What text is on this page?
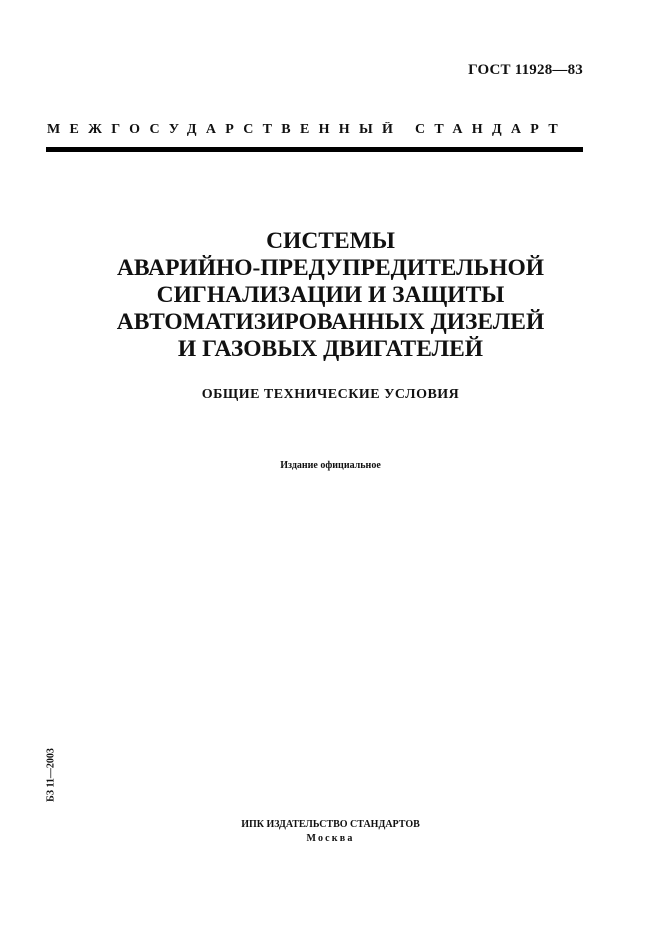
ГОСТ 11928—83
МЕЖГОСУДАРСТВЕННЫЙ СТАНДАРТ
СИСТЕМЫ
АВАРИЙНО-ПРЕДУПРЕДИТЕЛЬНОЙ
СИГНАЛИЗАЦИИ И ЗАЩИТЫ
АВТОМАТИЗИРОВАННЫХ ДИЗЕЛЕЙ
И ГАЗОВЫХ ДВИГАТЕЛЕЙ
ОБЩИЕ ТЕХНИЧЕСКИЕ УСЛОВИЯ
Издание официальное
БЗ 11—2003
ИПК ИЗДАТЕЛЬСТВО СТАНДАРТОВ
Москва
